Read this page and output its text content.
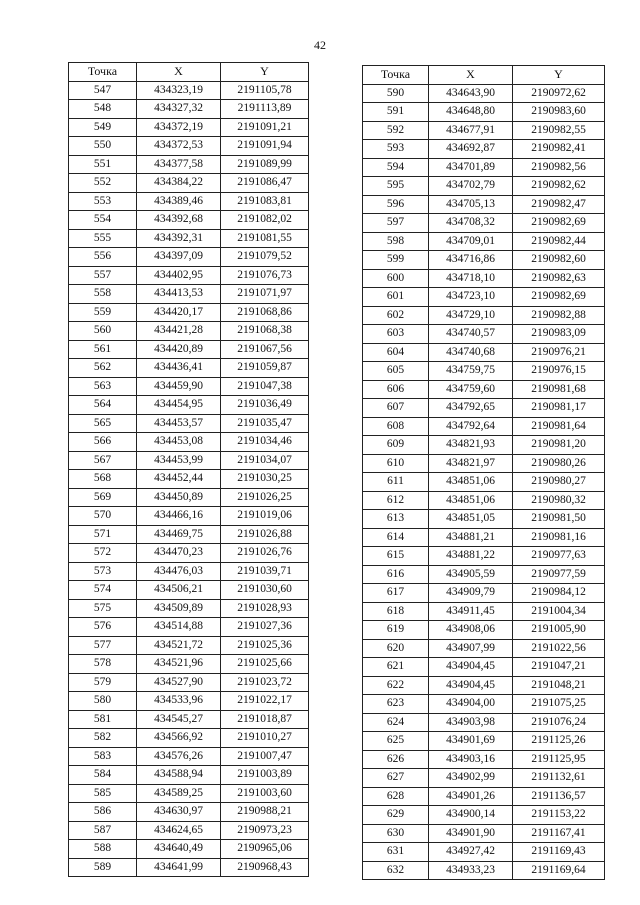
42
Точка	X	Y
547	434323,19	2191105,78
548	434327,32	2191113,89
549	434372,19	2191091,21
550	434372,53	2191091,94
551	434377,58	2191089,99
552	434384,22	2191086,47
553	434389,46	2191083,81
554	434392,68	2191082,02
555	434392,31	2191081,55
556	434397,09	2191079,52
557	434402,95	2191076,73
558	434413,53	2191071,97
559	434420,17	2191068,86
560	434421,28	2191068,38
561	434420,89	2191067,56
562	434436,41	2191059,87
563	434459,90	2191047,38
564	434454,95	2191036,49
565	434453,57	2191035,47
566	434453,08	2191034,46
567	434453,99	2191034,07
568	434452,44	2191030,25
569	434450,89	2191026,25
570	434466,16	2191019,06
571	434469,75	2191026,88
572	434470,23	2191026,76
573	434476,03	2191039,71
574	434506,21	2191030,60
575	434509,89	2191028,93
576	434514,88	2191027,36
577	434521,72	2191025,36
578	434521,96	2191025,66
579	434527,90	2191023,72
580	434533,96	2191022,17
581	434545,27	2191018,87
582	434566,92	2191010,27
583	434576,26	2191007,47
584	434588,94	2191003,89
585	434589,25	2191003,60
586	434630,97	2190988,21
587	434624,65	2190973,23
588	434640,49	2190965,06
589	434641,99	2190968,43
Точка	X	Y
590	434643,90	2190972,62
591	434648,80	2190983,60
592	434677,91	2190982,55
593	434692,87	2190982,41
594	434701,89	2190982,56
595	434702,79	2190982,62
596	434705,13	2190982,47
597	434708,32	2190982,69
598	434709,01	2190982,44
599	434716,86	2190982,60
600	434718,10	2190982,63
601	434723,10	2190982,69
602	434729,10	2190982,88
603	434740,57	2190983,09
604	434740,68	2190976,21
605	434759,75	2190976,15
606	434759,60	2190981,68
607	434792,65	2190981,17
608	434792,64	2190981,64
609	434821,93	2190981,20
610	434821,97	2190980,26
611	434851,06	2190980,27
612	434851,06	2190980,32
613	434851,05	2190981,50
614	434881,21	2190981,16
615	434881,22	2190977,63
616	434905,59	2190977,59
617	434909,79	2190984,12
618	434911,45	2191004,34
619	434908,06	2191005,90
620	434907,99	2191022,56
621	434904,45	2191047,21
622	434904,45	2191048,21
623	434904,00	2191075,25
624	434903,98	2191076,24
625	434901,69	2191125,26
626	434903,16	2191125,95
627	434902,99	2191132,61
628	434901,26	2191136,57
629	434900,14	2191153,22
630	434901,90	2191167,41
631	434927,42	2191169,43
632	434933,23	2191169,64
